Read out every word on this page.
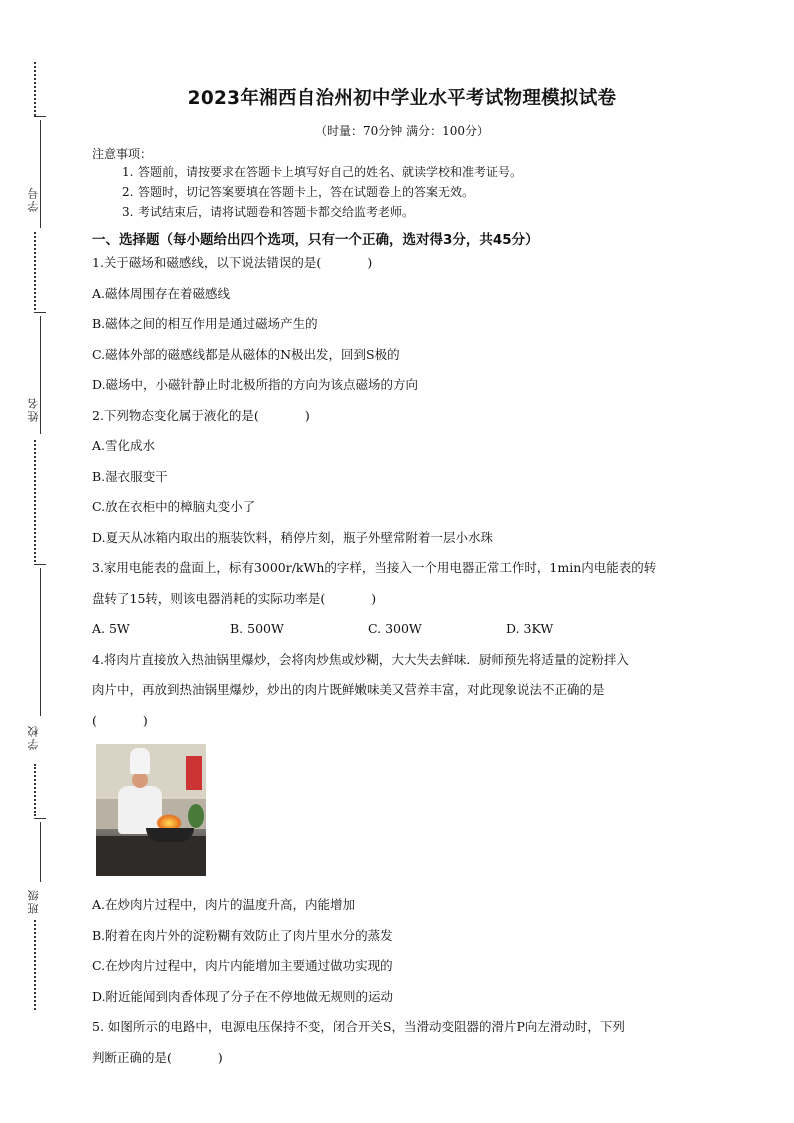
学号
姓名
学校
班级
2023年湘西自治州初中学业水平考试物理模拟试卷
（时量：70分钟 满分：100分）
注意事项：
1. 答题前，请按要求在答题卡上填写好自己的姓名、就读学校和准考证号。
2. 答题时，切记答案要填在答题卡上，答在试题卷上的答案无效。
3. 考试结束后，请将试题卷和答题卡都交给监考老师。
一、选择题（每小题给出四个选项，只有一个正确，选对得3分，共45分）
1.关于磁场和磁感线，以下说法错误的是(	)
A.磁体周围存在着磁感线
B.磁体之间的相互作用是通过磁场产生的
C.磁体外部的磁感线都是从磁体的N极出发，回到S极的
D.磁场中，小磁针静止时北极所指的方向为该点磁场的方向
2.下列物态变化属于液化的是(	)
A.雪化成水
B.湿衣服变干
C.放在衣柜中的樟脑丸变小了
D.夏天从冰箱内取出的瓶装饮料，稍停片刻，瓶子外壁常附着一层小水珠
3.家用电能表的盘面上，标有3000r/kWh的字样，当接入一个用电器正常工作时，1min内电能表的转
盘转了15转，则该电器消耗的实际功率是(	)
A. 5W	B. 500W	C. 300W	D. 3KW
4.将肉片直接放入热油锅里爆炒，会将肉炒焦或炒糊，大大失去鲜味．厨师预先将适量的淀粉拌入
肉片中，再放到热油锅里爆炒，炒出的肉片既鲜嫩味美又营养丰富，对此现象说法不正确的是
(	)
A.在炒肉片过程中，肉片的温度升高，内能增加
B.附着在肉片外的淀粉糊有效防止了肉片里水分的蒸发
C.在炒肉片过程中，肉片内能增加主要通过做功实现的
D.附近能闻到肉香体现了分子在不停地做无规则的运动
5. 如图所示的电路中，电源电压保持不变，闭合开关S，当滑动变阻器的滑片P向左滑动时，下列
判断正确的是(	)
